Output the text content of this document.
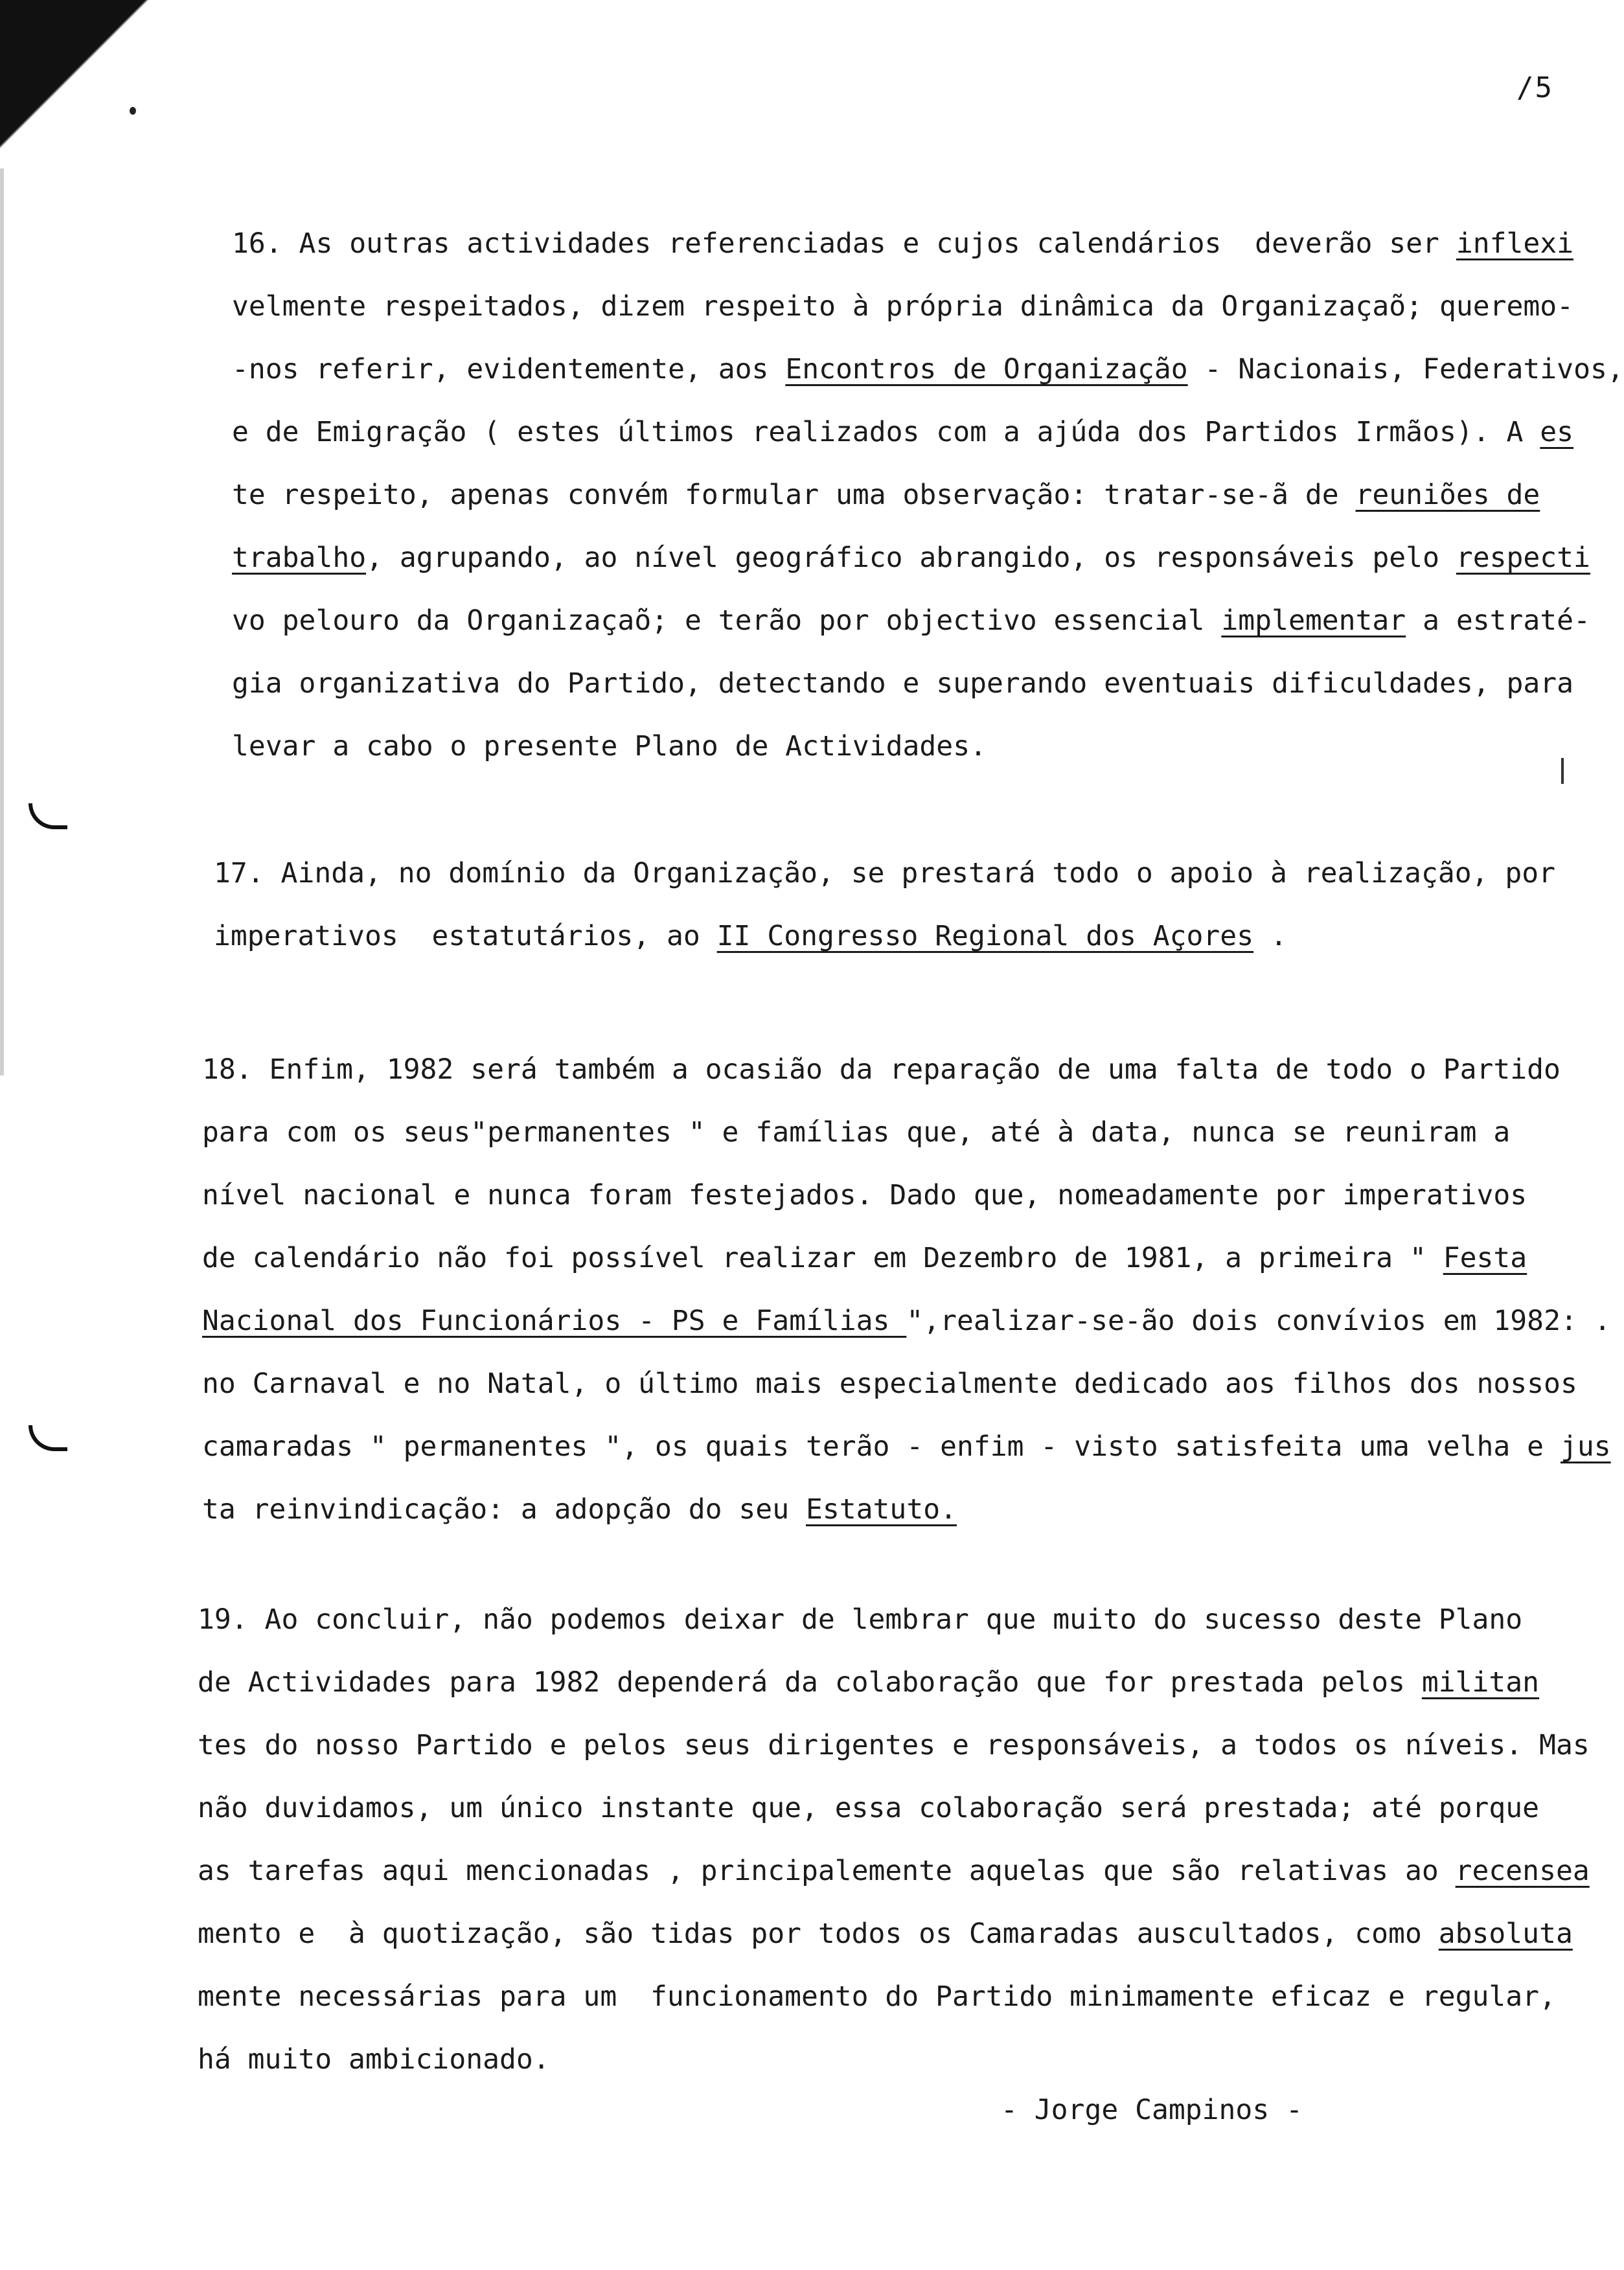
/5
16. As outras actividades referenciadas e cujos calendários  deverão ser inflexi
velmente respeitados, dizem respeito à própria dinâmica da Organizaçaõ; queremo-
-nos referir, evidentemente, aos Encontros de Organização - Nacionais, Federativos,
e de Emigração ( estes últimos realizados com a ajúda dos Partidos Irmãos). A es
te respeito, apenas convém formular uma observação: tratar-se-ã de reuniões de
trabalho, agrupando, ao nível geográfico abrangido, os responsáveis pelo respecti
vo pelouro da Organizaçaõ; e terão por objectivo essencial implementar a estraté-
gia organizativa do Partido, detectando e superando eventuais dificuldades, para
levar a cabo o presente Plano de Actividades.
17. Ainda, no domínio da Organização, se prestará todo o apoio à realização, por
imperativos  estatutários, ao II Congresso Regional dos Açores .
18. Enfim, 1982 será também a ocasião da reparação de uma falta de todo o Partido
para com os seus"permanentes " e famílias que, até à data, nunca se reuniram a
nível nacional e nunca foram festejados. Dado que, nomeadamente por imperativos
de calendário não foi possível realizar em Dezembro de 1981, a primeira " Festa
Nacional dos Funcionários - PS e Famílias ",realizar-se-ão dois convívios em 1982: .
no Carnaval e no Natal, o último mais especialmente dedicado aos filhos dos nossos
camaradas " permanentes ", os quais terão - enfim - visto satisfeita uma velha e jus
ta reinvindicação: a adopção do seu Estatuto.
19. Ao concluir, não podemos deixar de lembrar que muito do sucesso deste Plano
de Actividades para 1982 dependerá da colaboração que for prestada pelos militan
tes do nosso Partido e pelos seus dirigentes e responsáveis, a todos os níveis. Mas
não duvidamos, um único instante que, essa colaboração será prestada; até porque
as tarefas aqui mencionadas , principalemente aquelas que são relativas ao recensea
mento e  à quotização, são tidas por todos os Camaradas auscultados, como absoluta
mente necessárias para um  funcionamento do Partido minimamente eficaz e regular,
há muito ambicionado.
- Jorge Campinos -
